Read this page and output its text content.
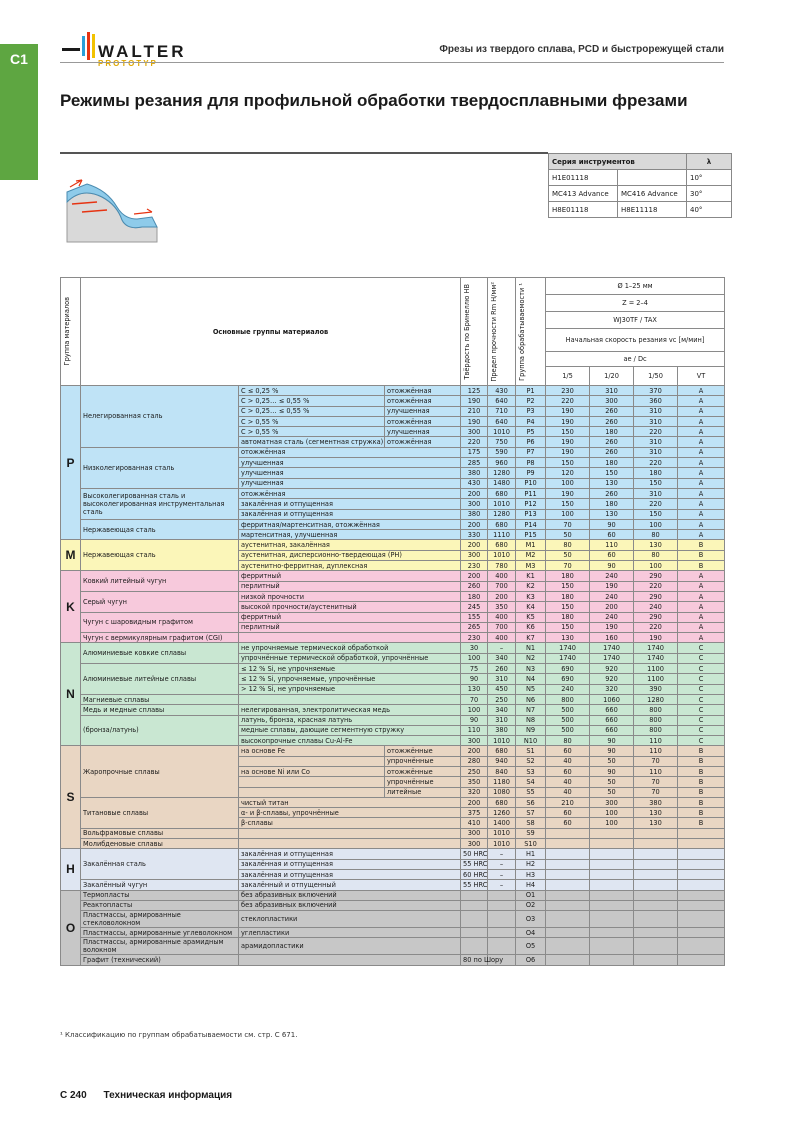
C1	WALTER
PROTOTYP
Фрезы из твердого сплава, PCD и быстрорежущей стали
Режимы резания для профильной обработки твердосплавными фрезами
Серия инструментов		λ
H1E01118		10°
MC413 Advance	MC416 Advance	30°
H8E01118	H8E11118	40°
Группа материалов	Основные группы материалов			Твёрдость по Бринеллю HB	Предел прочности Rm H/мм²	Группа обрабатываемости ¹	Ø 1–25 мм			
							Z = 2–4			
							WJ30TF / TAX			
							Начальная скорость резания vc [м/мин]			
							ae / Dc			
							1/5	1/20	1/50	VT
P	Нелегированная сталь	C ≤ 0,25 %	отожжённая	125	430	P1	230	310	370	A
		C > 0,25… ≤ 0,55 %	отожжённая	190	640	P2	220	300	360	A
		C > 0,25… ≤ 0,55 %	улучшенная	210	710	P3	190	260	310	A
		C > 0,55 %	отожжённая	190	640	P4	190	260	310	A
		C > 0,55 %	улучшенная	300	1010	P5	150	180	220	A
		автоматная сталь (сегментная стружка)	отожжённая	220	750	P6	190	260	310	A
	Низколегированная сталь	отожжённая		175	590	P7	190	260	310	A
		улучшенная		285	960	P8	150	180	220	A
		улучшенная		380	1280	P9	120	150	180	A
		улучшенная		430	1480	P10	100	130	150	A
	Высоколегированная сталь и высоколегированная инструментальная сталь	отожжённая		200	680	P11	190	260	310	A
		закалённая и отпущенная		300	1010	P12	150	180	220	A
		закалённая и отпущенная		380	1280	P13	100	130	150	A
	Нержавеющая сталь	ферритная/мартенситная, отожжённая		200	680	P14	70	90	100	A
		мартенситная, улучшенная		330	1110	P15	50	60	80	A
M	Нержавеющая сталь	аустенитная, закалённая		200	680	M1	80	110	130	B
		аустенитная, дисперсионно-твердеющая (PH)		300	1010	M2	50	60	80	B
		аустенитно-ферритная, дуплексная		230	780	M3	70	90	100	B
K	Ковкий литейный чугун	ферритный		200	400	K1	180	240	290	A
		перлитный		260	700	K2	150	190	220	A
	Серый чугун	низкой прочности		180	200	K3	180	240	290	A
		высокой прочности/аустенитный		245	350	K4	150	200	240	A
	Чугун с шаровидным графитом	ферритный		155	400	K5	180	240	290	A
		перлитный		265	700	K6	150	190	220	A
	Чугун с вермикулярным графитом (CGI)			230	400	K7	130	160	190	A
N	Алюминиевые ковкие сплавы	не упрочняемые термической обработкой		30	–	N1	1740	1740	1740	C
		упрочнённые термической обработкой, упрочнённые		100	340	N2	1740	1740	1740	C
	Алюминиевые литейные сплавы	≤ 12 % Si, не упрочняемые		75	260	N3	690	920	1100	C
		≤ 12 % Si, упрочняемые, упрочнённые		90	310	N4	690	920	1100	C
		> 12 % Si, не упрочняемые		130	450	N5	240	320	390	C
	Магниевые сплавы			70	250	N6	800	1060	1280	C
	Медь и медные сплавы	нелегированная, электролитическая медь		100	340	N7	500	660	800	C
	(бронза/латунь)	латунь, бронза, красная латунь		90	310	N8	500	660	800	C
		медные сплавы, дающие сегментную стружку		110	380	N9	500	660	800	C
		высокопрочные сплавы Cu-Al-Fe		300	1010	N10	80	90	110	C
S	Жаропрочные сплавы	на основе Fe	отожжённые	200	680	S1	60	90	110	B
			упрочнённые	280	940	S2	40	50	70	B
		на основе Ni или Co	отожжённые	250	840	S3	60	90	110	B
			упрочнённые	350	1180	S4	40	50	70	B
			литейные	320	1080	S5	40	50	70	B
	Титановые сплавы	чистый титан		200	680	S6	210	300	380	B
		α- и β-сплавы, упрочнённые		375	1260	S7	60	100	130	B
		β-сплавы		410	1400	S8	60	100	130	B
	Вольфрамовые сплавы			300	1010	S9				
	Молибденовые сплавы			300	1010	S10				
H	Закалённая сталь	закалённая и отпущенная		50 HRC	–	H1				
		закалённая и отпущенная		55 HRC	–	H2				
		закалённая и отпущенная		60 HRC	–	H3				
	Закалённый чугун	закалённый и отпущенный		55 HRC	–	H4				
O	Термопласты	без абразивных включений				O1				
	Реактопласты	без абразивных включений				O2				
	Пластмассы, армированные стекловолокном	стеклопластики				O3				
	Пластмассы, армированные углеволокном	углепластики				O4				
	Пластмассы, армированные арамидным волокном	арамидопластики				O5				
	Графит (технический)			80 по Шору		O6				
¹ Классификацию по группам обрабатываемости см. стр. C 671.
C 240 Техническая информация
